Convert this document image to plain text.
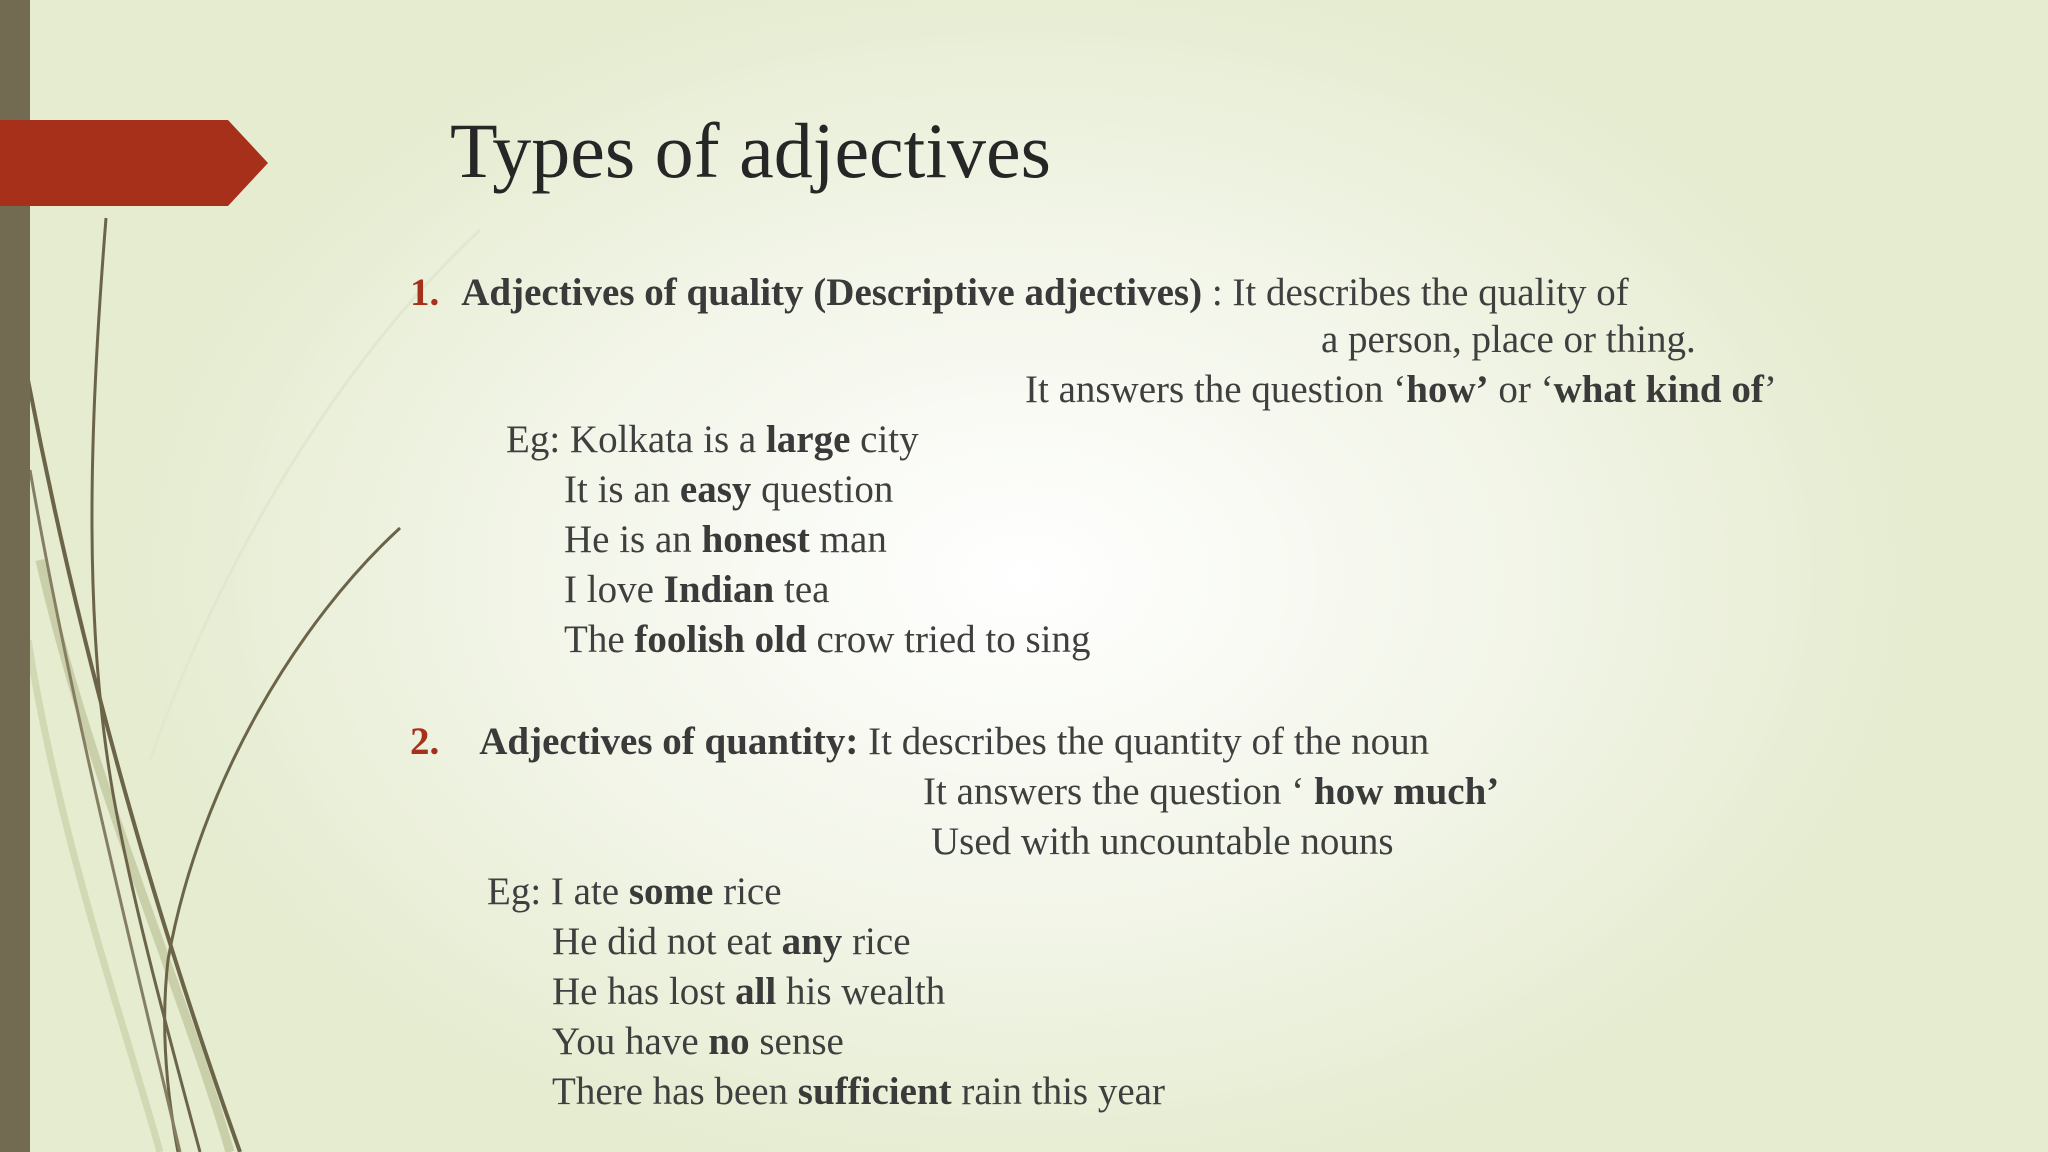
Types of adjectives
1. Adjectives of quality (Descriptive adjectives) : It describes the quality of
a person, place or thing.
It answers the question ‘how’ or ‘what kind of’
Eg: Kolkata is a large city
It is an easy question
He is an honest man
I love Indian tea
The foolish old crow tried to sing
2. Adjectives of quantity: It describes the quantity of the noun
It answers the question ‘ how much’
Used with uncountable nouns
Eg: I ate some rice
He did not eat any rice
He has lost all his wealth
You have no sense
There has been sufficient rain this year
